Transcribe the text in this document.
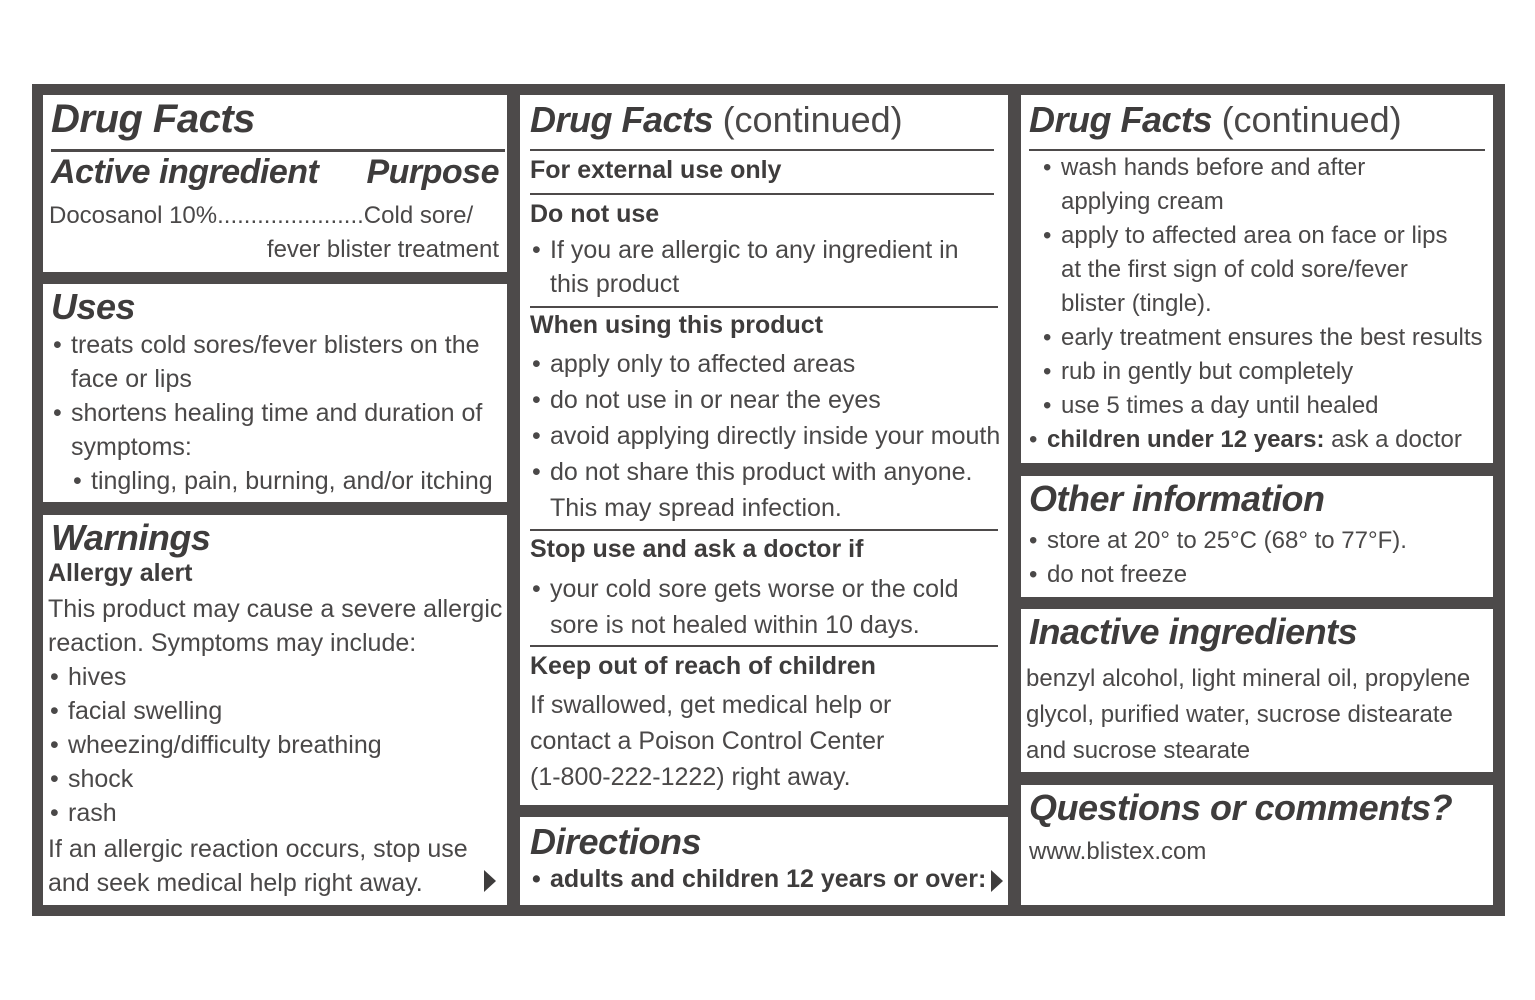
Drug Facts
Active ingredient Purpose
Docosanol 10%......................Cold sore/
fever blister treatment
Uses
• treats cold sores/fever blisters on the
face or lips
• shortens healing time and duration of
symptoms:
• tingling, pain, burning, and/or itching
Warnings
Allergy alert
This product may cause a severe allergic
reaction. Symptoms may include:
• hives
• facial swelling
• wheezing/difficulty breathing
• shock
• rash
If an allergic reaction occurs, stop use
and seek medical help right away.
Drug Facts (continued)
For external use only
Do not use
• If you are allergic to any ingredient in
this product
When using this product
• apply only to affected areas
• do not use in or near the eyes
• avoid applying directly inside your mouth
• do not share this product with anyone.
This may spread infection.
Stop use and ask a doctor if
• your cold sore gets worse or the cold
sore is not healed within 10 days.
Keep out of reach of children
If swallowed, get medical help or
contact a Poison Control Center
(1-800-222-1222) right away.
Directions
• adults and children 12 years or over:
Drug Facts (continued)
• wash hands before and after
applying cream
• apply to affected area on face or lips
at the first sign of cold sore/fever
blister (tingle).
• early treatment ensures the best results
• rub in gently but completely
• use 5 times a day until healed
• children under 12 years: ask a doctor
Other information
• store at 20° to 25°C (68° to 77°F).
• do not freeze
Inactive ingredients
benzyl alcohol, light mineral oil, propylene
glycol, purified water, sucrose distearate
and sucrose stearate
Questions or comments?
www.blistex.com
